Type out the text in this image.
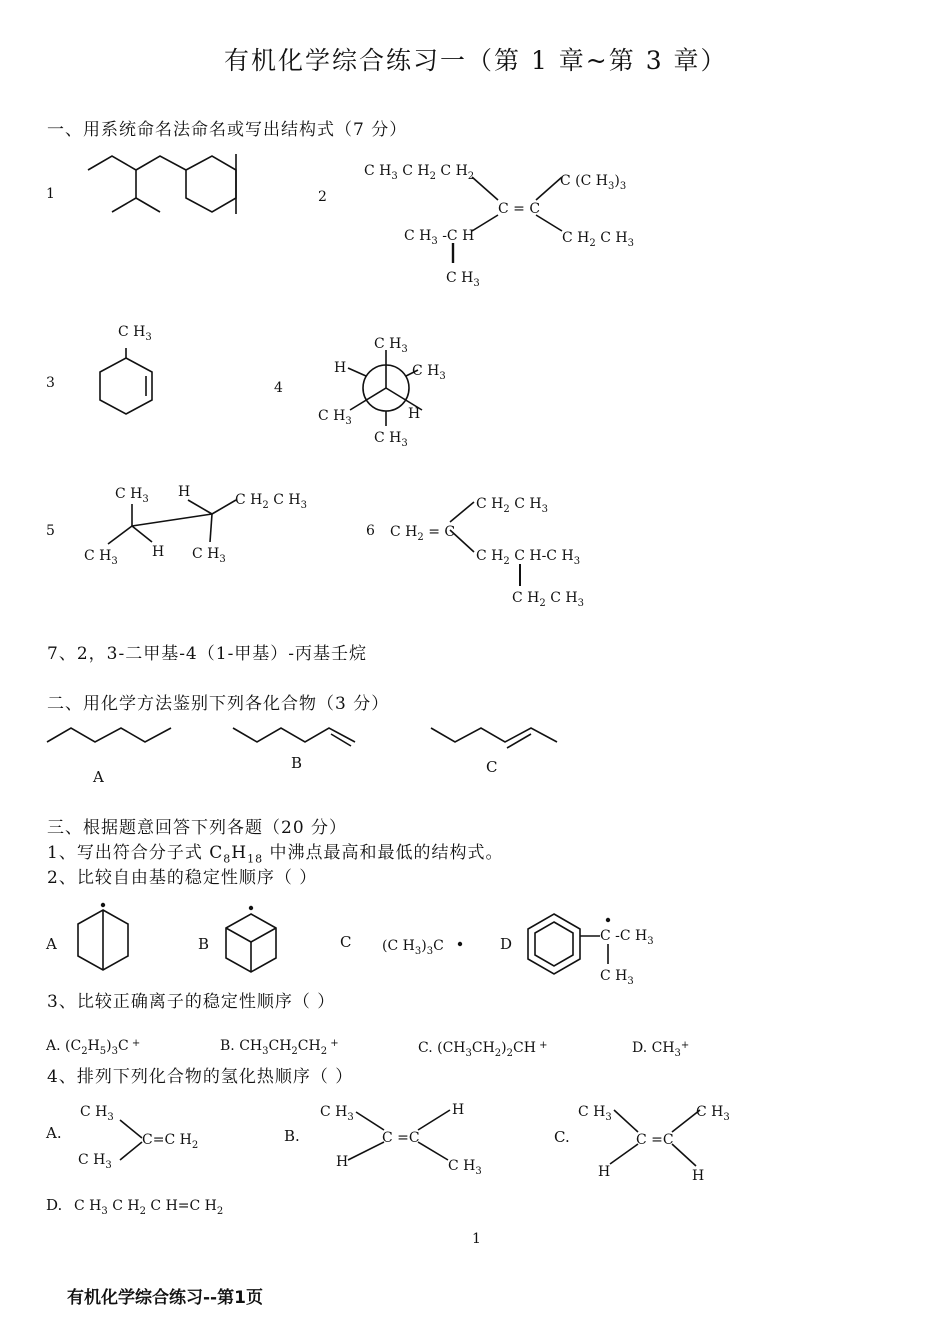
有机化学综合练习一（第 1 章~第 3 章）
一、用系统命名法命名或写出结构式（7 分）
1	2
C $H_3$ C $H_2$ C $H_2$	C (C $H_3)_3$
C = C
C $H_3$ -C H	C $H_2$ C $H_3$
C $H_3$
3
C $H_3$
4
C $H_3$
H	C $H_3$
C $H_3$	H
C $H_3$
5
C $H_3$ H	C $H_2$ C $H_3$
C $H_3$
H C $H_3$
6 C $H_2 = C$
C $H_2$ C $H_3$
C $H_2$ C H-C $H_3$
C $H_2$ C $H_3$
7、2，3-二甲基-4（1-甲基）-丙基壬烷
二、用化学方法鉴别下列各化合物（3 分）
A
B	C
三、根据题意回答下列各题（20 分）
1、写出符合分子式 $C_8H_{18}$ 中沸点最高和最低的结构式。
2、比较自由基的稳定性顺序（ ）
A	B	C (C $H_3)_3C$	D	C -C $H_3$
C $H_3$
3、比较正确离子的稳定性顺序（ ）
A. $(C_2H_5)_3C$ +	B. $CH_3CH_2CH_2$ +	C. $(CH_3CH_2)_2CH$ +	D. $CH_3^+$
4、排列下列化合物的氢化热顺序（ ）
A.
C $H_3$
C $H_3$
C=C $H_2$
B.
C $H_3$	H
C =C
H	C $H_3$
C.
C $H_3$	C $H_3$
C =C
H	H
D. C $H_3$ C $H_2$ C H=C $H_2$
1
有机化学综合练习--第1页
